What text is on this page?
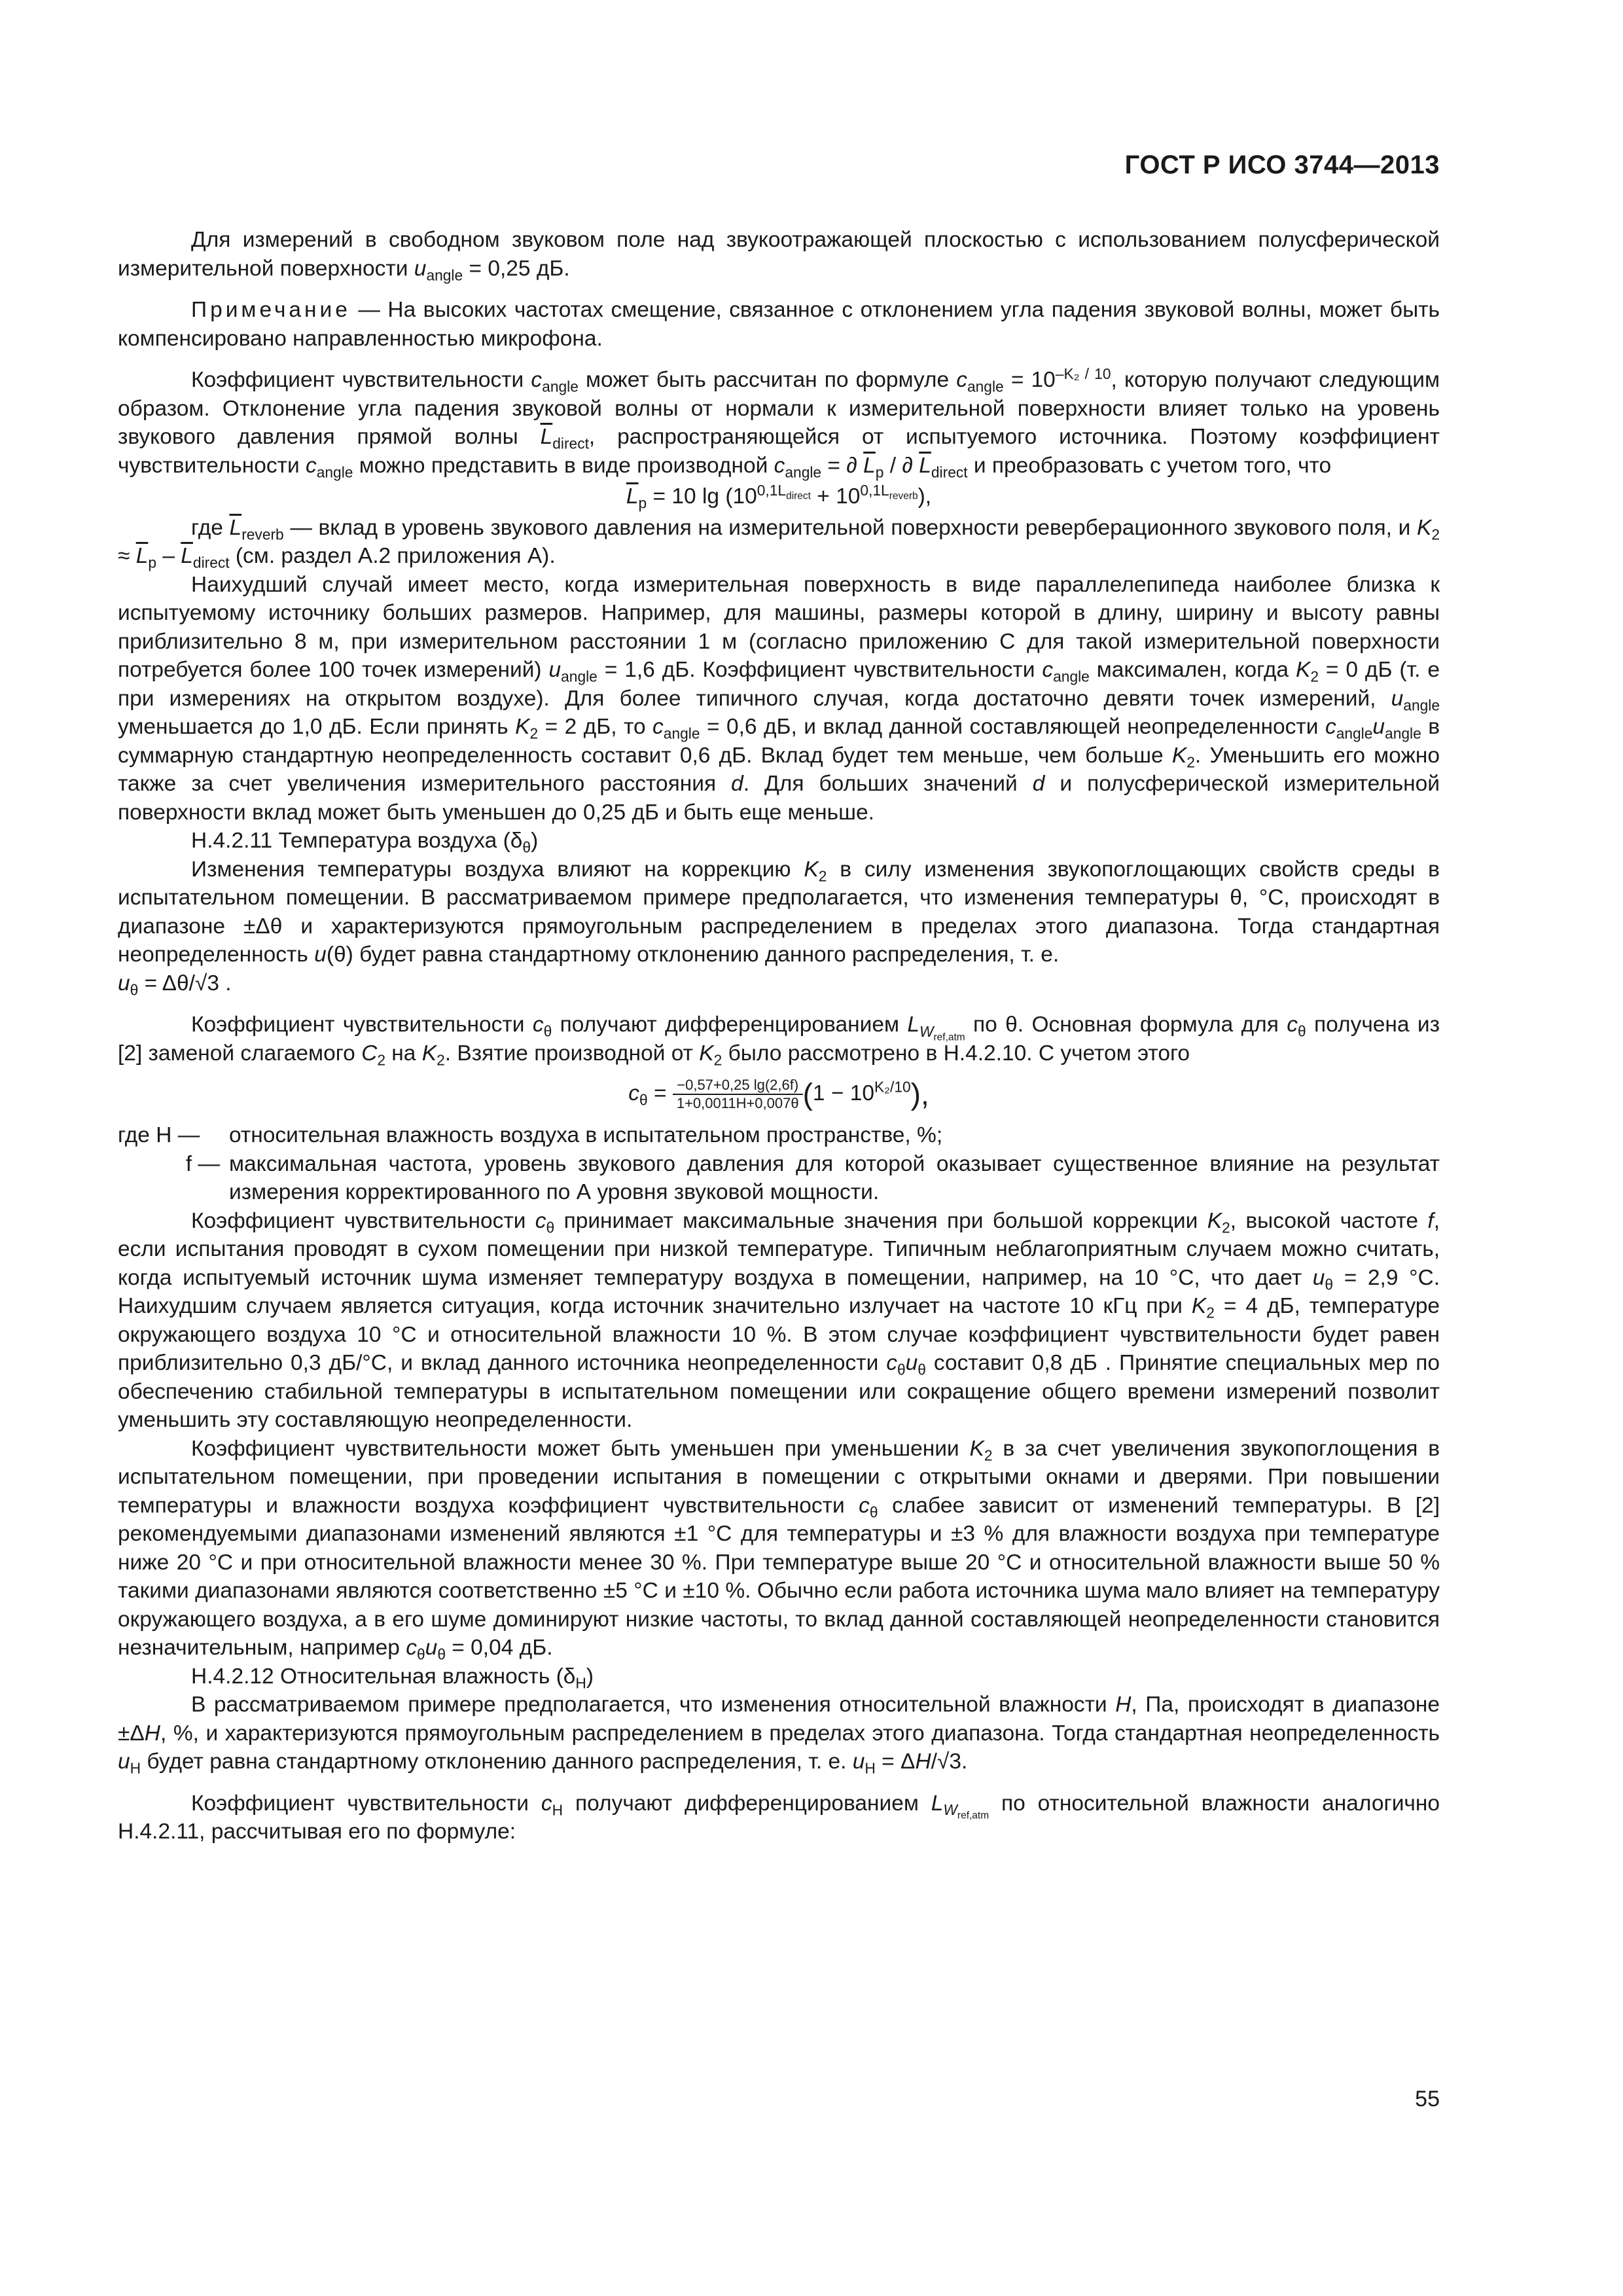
ГОСТ Р ИСО 3744—2013

Для измерений в свободном звуковом поле над звукоотражающей плоскостью с использованием полусферической измерительной поверхности $u_{angle} = 0,25$ дБ.

Примечание — На высоких частотах смещение, связанное с отклонением угла падения звуковой волны, может быть компенсировано направленностью микрофона.

Коэффициент чувствительности $c_{angle}$ может быть рассчитан по формуле $c_{angle} = 10^{-K_2 / 10}$, которую получают следующим образом. Отклонение угла падения звуковой волны от нормали к измерительной поверхности влияет только на уровень звукового давления прямой волны $\overline{L}_{direct}$, распространяющейся от испытуемого источника. Поэтому коэффициент чувствительности $c_{angle}$ можно представить в виде производной $c_{angle}$ = ∂ $\overline{L}_p$ / ∂ $\overline{L}_{direct}$ и преобразовать с учетом того, что

$\overline{L}_p = 10$ $\lg (10^{0,1L_{direct}} + 10^{0,1L_{reverb}})$,

где $\overline{L}_{reverb}$ — вклад в уровень звукового давления на измерительной поверхности реверберационного звукового поля, и $K_2 \approx \overline{L}_p - \overline{L}_{direct}$ (см. раздел А.2 приложения А).

Наихудший случай имеет место, когда измерительная поверхность в виде параллелепипеда наиболее близка к испытуемому источнику больших размеров. Например, для машины, размеры которой в длину, ширину и высоту равны приблизительно 8 м, при измерительном расстоянии 1 м (согласно приложению C для такой измерительной поверхности потребуется более 100 точек измерений) $u_{angle} = 1,6$ дБ. Коэффициент чувствительности $c_{angle}$ максимален, когда $K_2 = 0$ дБ (т. е при измерениях на открытом воздухе). Для более типичного случая, когда достаточно девяти точек измерений, $u_{angle}$ уменьшается до 1,0 дБ. Если принять $K_2 = 2$ дБ, то $c_{angle} = 0,6$ дБ, и вклад данной составляющей неопределенности $c_{angle}u_{angle}$ в суммарную стандартную неопределенность составит 0,6 дБ. Вклад будет тем меньше, чем больше $K_2$. Уменьшить его можно также за счет увеличения измерительного расстояния d. Для больших значений d и полусферической измерительной поверхности вклад может быть уменьшен до 0,25 дБ и быть еще меньше.

Н.4.2.11 Температура воздуха $(\delta_\theta)$

Изменения температуры воздуха влияют на коррекцию $K_2$ в силу изменения звукопоглощающих свойств среды в испытательном помещении. В рассматриваемом примере предполагается, что изменения температуры θ, °C, происходят в диапазоне ±Δθ и характеризуются прямоугольным распределением в пределах этого диапазона. Тогда стандартная неопределенность u(θ) будет равна стандартному отклонению данного распределения, т. е.

$u_\theta = \Delta\theta/√3$ .

Коэффициент чувствительности $c_\theta$ получают дифференцированием $L_{W_{ref,atm}}$ по θ. Основная формула для $c_\theta$ получена из [2] заменой слагаемого $C_2$ на $K_2$. Взятие производной от $K_2$ было рассмотрено в Н.4.2.10. С учетом этого

$c_\theta = \frac{-0,57+0,25 \lg(2,6f)}{1+0,0011H+0,007\theta} (1 - 10^{K_2/10})$,

где H —	относительная влажность воздуха в испытательном пространстве, %;
f — максимальная частота, уровень звукового давления для которой оказывает существенное влияние на результат измерения корректированного по А уровня звуковой мощности.

Коэффициент чувствительности $c_\theta$ принимает максимальные значения при большой коррекции $K_2$, высокой частоте f, если испытания проводят в сухом помещении при низкой температуре. Типичным неблагоприятным случаем можно считать, когда испытуемый источник шума изменяет температуру воздуха в помещении, например, на 10 °C, что дает $u_\theta = 2,9$ °C. Наихудшим случаем является ситуация, когда источник значительно излучает на частоте 10 кГц при $K_2 = 4$ дБ, температуре окружающего воздуха 10 °C и относительной влажности 10 %. В этом случае коэффициент чувствительности будет равен приблизительно 0,3 дБ/°C, и вклад данного источника неопределенности $c_\theta u_\theta$ составит 0,8 дБ . Принятие специальных мер по обеспечению стабильной температуры в испытательном помещении или сокращение общего времени измерений позволит уменьшить эту составляющую неопределенности.

Коэффициент чувствительности может быть уменьшен при уменьшении $K_2$ в за счет увеличения звукопоглощения в испытательном помещении, при проведении испытания в помещении с открытыми окнами и дверями. При повышении температуры и влажности воздуха коэффициент чувствительности $c_\theta$ слабее зависит от изменений температуры. В [2] рекомендуемыми диапазонами изменений являются ±1 °C для температуры и ±3 % для влажности воздуха при температуре ниже 20 °C и при относительной влажности менее 30 %. При температуре выше 20 °C и относительной влажности выше 50 % такими диапазонами являются соответственно ±5 °C и ±10 %. Обычно если работа источника шума мало влияет на температуру окружающего воздуха, а в его шуме доминируют низкие частоты, то вклад данной составляющей неопределенности становится незначительным, например $c_\theta u_\theta = 0,04$ дБ.

Н.4.2.12 Относительная влажность $(\delta_H)$

В рассматриваемом примере предполагается, что изменения относительной влажности H, Па, происходят в диапазоне ±ΔH, %, и характеризуются прямоугольным распределением в пределах этого диапазона. Тогда стандартная неопределенность $u_H$ будет равна стандартному отклонению данного распределения, т. е. $u_H = \Delta H/√3$.

Коэффициент чувствительности $c_H$ получают дифференцированием $L_{W_{ref,atm}}$ по относительной влажности аналогично Н.4.2.11, рассчитывая его по формуле:

55
